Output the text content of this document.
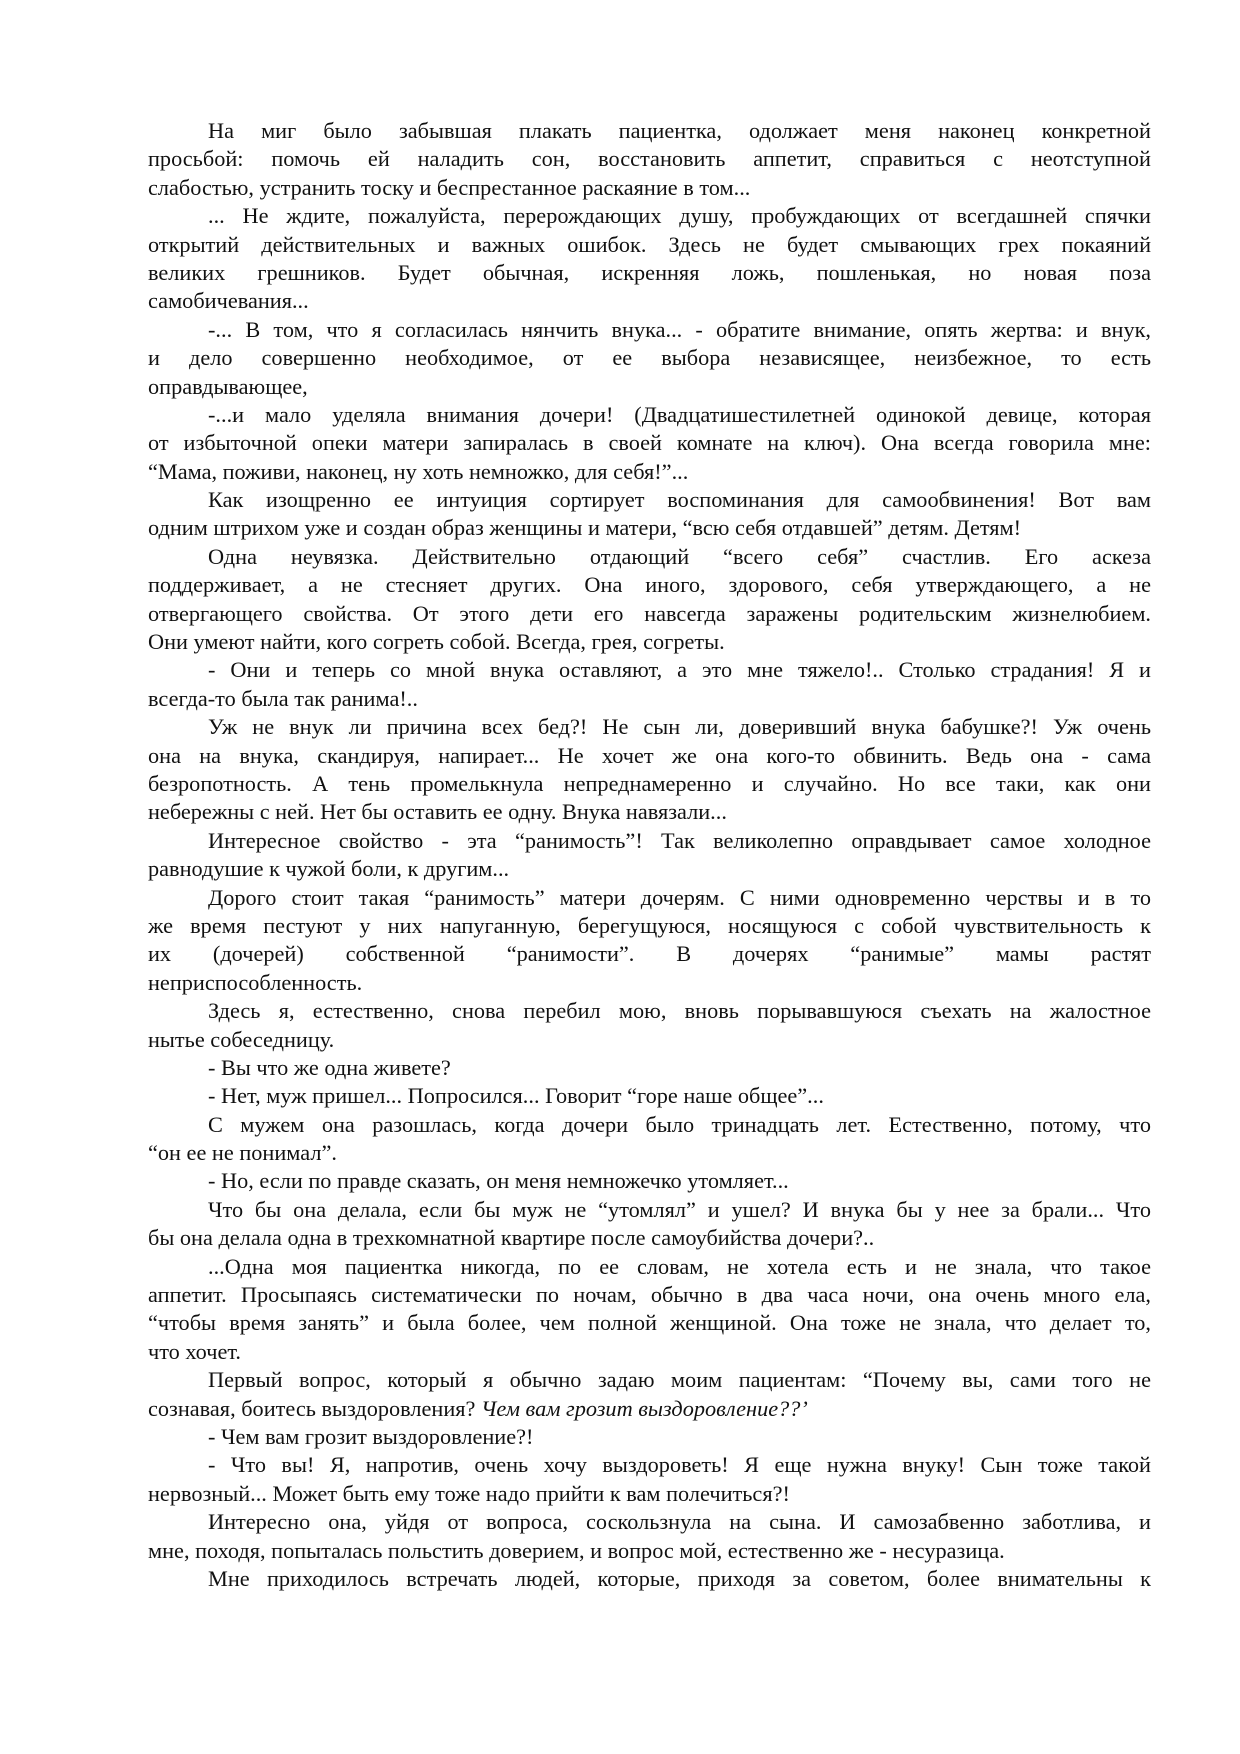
На миг было забывшая плакать пациентка, одолжает меня наконец конкретной
просьбой: помочь ей наладить сон, восстановить аппетит, справиться с неотступной
слабостью, устранить тоску и беспрестанное раскаяние в том...
... Не ждите, пожалуйста, перерождающих душу, пробуждающих от всегдашней спячки
открытий действительных и важных ошибок. Здесь не будет смывающих грех покаяний
великих грешников. Будет обычная, искренняя ложь, пошленькая, но новая поза
самобичевания...
-... В том, что я согласилась нянчить внука... - обратите внимание, опять жертва: и внук,
и дело совершенно необходимое, от ее выбора независящее, неизбежное, то есть
оправдывающее,
-...и мало уделяла внимания дочери! (Двадцатишестилетней одинокой девице, которая
от избыточной опеки матери запиралась в своей комнате на ключ). Она всегда говорила мне:
“Мама, поживи, наконец, ну хоть немножко, для себя!”...
Как изощренно ее интуиция сортирует воспоминания для самообвинения! Вот вам
одним штрихом уже и создан образ женщины и матери, “всю себя отдавшей” детям. Детям!
Одна неувязка. Действительно отдающий “всего себя” счастлив. Его аскеза
поддерживает, а не стесняет других. Она иного, здорового, себя утверждающего, а не
отвергающего свойства. От этого дети его навсегда заражены родительским жизнелюбием.
Они умеют найти, кого согреть собой. Всегда, грея, согреты.
- Они и теперь со мной внука оставляют, а это мне тяжело!.. Столько страдания! Я и
всегда-то была так ранима!..
Уж не внук ли причина всех бед?! Не сын ли, доверивший внука бабушке?! Уж очень
она на внука, скандируя, напирает... Не хочет же она кого-то обвинить. Ведь она - сама
безропотность. А тень промелькнула непреднамеренно и случайно. Но все таки, как они
небережны с ней. Нет бы оставить ее одну. Внука навязали...
Интересное свойство - эта “ранимость”! Так великолепно оправдывает самое холодное
равнодушие к чужой боли, к другим...
Дорого стоит такая “ранимость” матери дочерям. С ними одновременно черствы и в то
же время пестуют у них напуганную, берегущуюся, носящуюся с собой чувствительность к
их (дочерей) собственной “ранимости”. В дочерях “ранимые” мамы растят
неприспособленность.
Здесь я, естественно, снова перебил мою, вновь порывавшуюся съехать на жалостное
нытье собеседницу.
- Вы что же одна живете?
- Нет, муж пришел... Попросился... Говорит “горе наше общее”...
С мужем она разошлась, когда дочери было тринадцать лет. Естественно, потому, что
“он ее не понимал”.
- Но, если по правде сказать, он меня немножечко утомляет...
Что бы она делала, если бы муж не “утомлял” и ушел? И внука бы у нее за брали... Что
бы она делала одна в трехкомнатной квартире после самоубийства дочери?..
...Одна моя пациентка никогда, по ее словам, не хотела есть и не знала, что такое
аппетит. Просыпаясь систематически по ночам, обычно в два часа ночи, она очень много ела,
“чтобы время занять” и была более, чем полной женщиной. Она тоже не знала, что делает то,
что хочет.
Первый вопрос, который я обычно задаю моим пациентам: “Почему вы, сами того не
сознавая, боитесь выздоровления? Чем вам грозит выздоровление??’
- Чем вам грозит выздоровление?!
- Что вы! Я, напротив, очень хочу выздороветь! Я еще нужна внуку! Сын тоже такой
нервозный... Может быть ему тоже надо прийти к вам полечиться?!
Интересно она, уйдя от вопроса, соскользнула на сына. И самозабвенно заботлива, и
мне, походя, попыталась польстить доверием, и вопрос мой, естественно же - несуразица.
Мне приходилось встречать людей, которые, приходя за советом, более внимательны к
